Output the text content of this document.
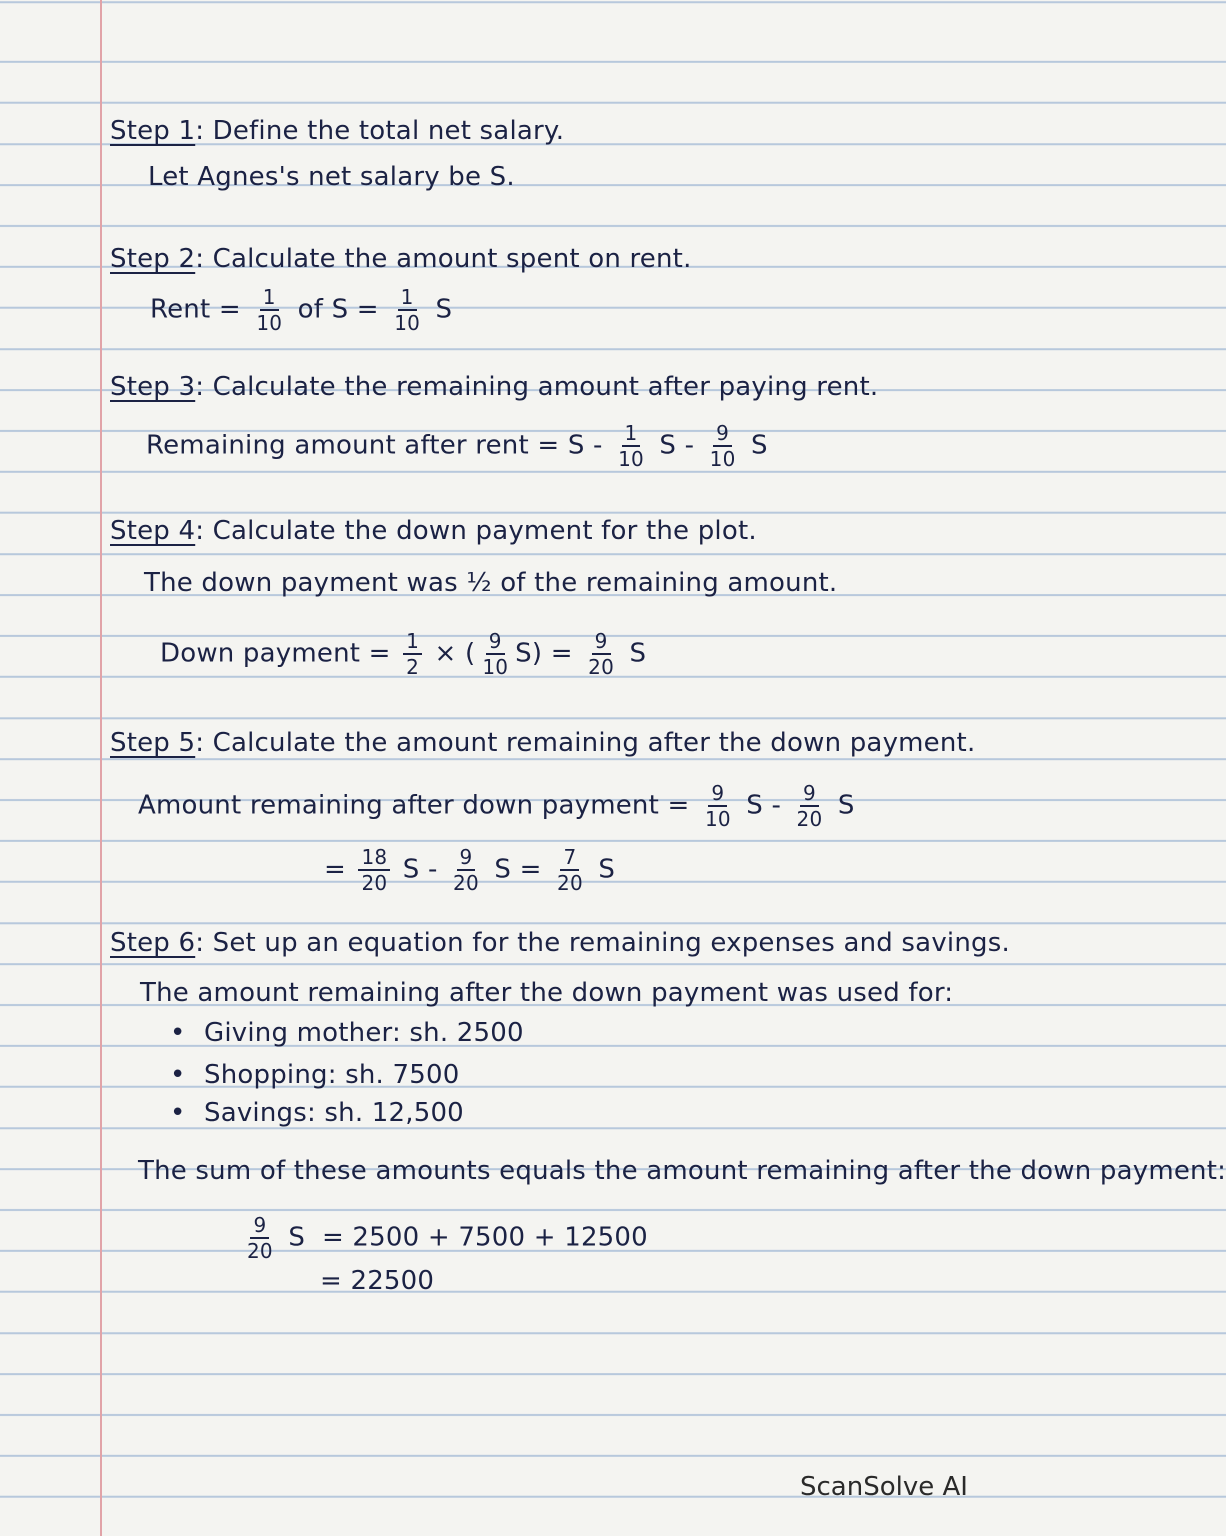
Step 1: Define the total net salary.
Let Agnes's net salary be S.
Step 2: Calculate the amount spent on rent.
Rent = $\frac{1}{10}$ of $S = \frac{1}{10}$ S
Step 3: Calculate the remaining amount after paying rent.
Remaining amount after rent = S - $\frac{1}{10}$ S - $\frac{9}{10}$ S
Step 4: Calculate the down payment for the plot.
The down payment was ½ of the remaining amount.
Down payment = $\frac{1}{2}$ × ( $\frac{9}{10} S) = \frac{9}{20}$ S
Step 5: Calculate the amount remaining after the down payment.
Amount remaining after down payment = $\frac{9}{10}$ S - $\frac{9}{20}$ S
= $\frac{18}{20}$ S - $\frac{9}{20}$ $S = \frac{7}{20}$ S
Step 6: Set up an equation for the remaining expenses and savings.
The amount remaining after the down payment was used for:
• Giving mother: sh. 2500
• Shopping: sh. 7500
• Savings: sh. 12,500
The sum of these amounts equals the amount remaining after the down payment:
$\frac{9}{20}$ S = 2500 + 7500 + 12500
= 22500
ScanSolve AI
